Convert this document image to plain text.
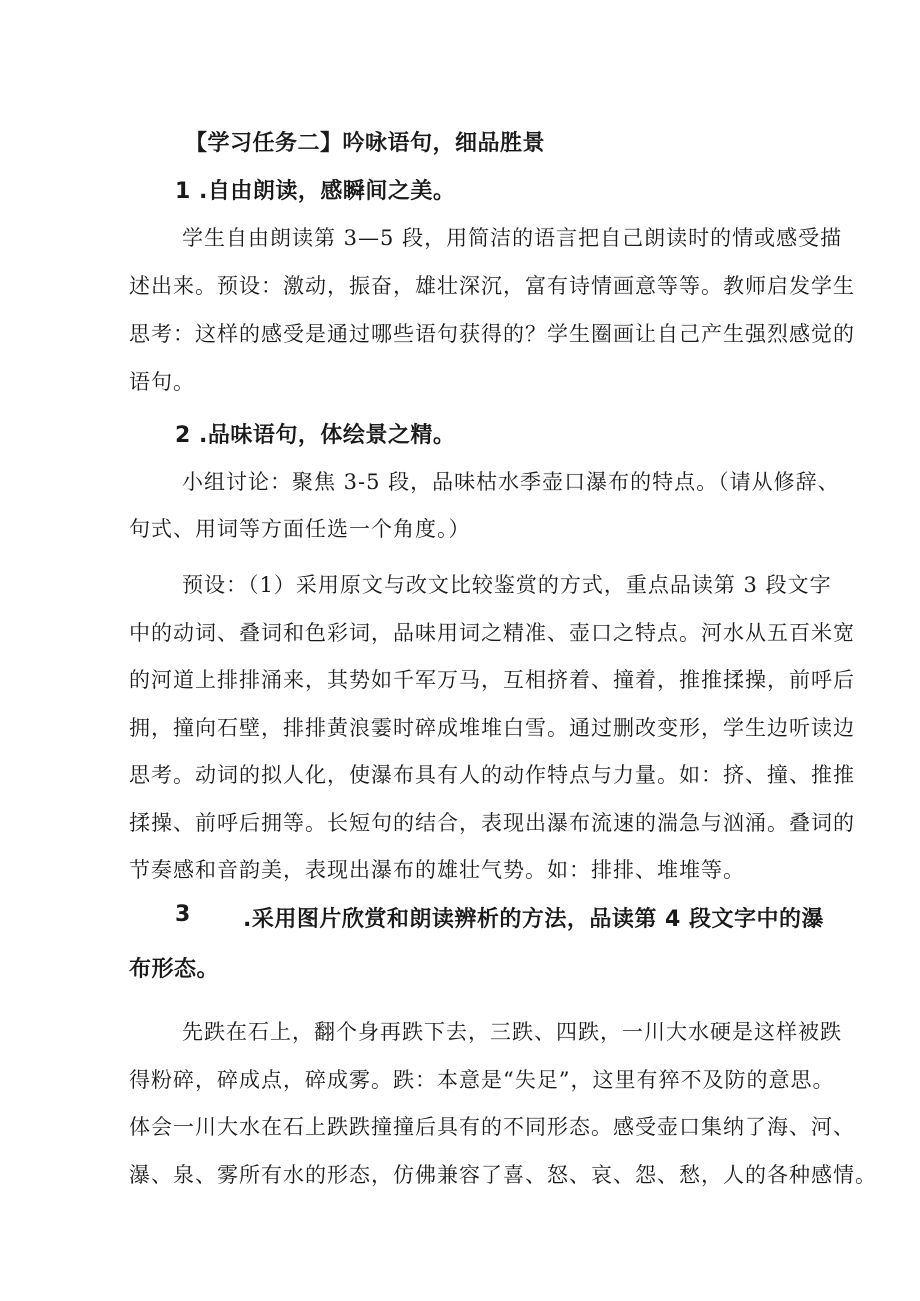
【学习任务二】吟咏语句，细品胜景
1 .自由朗读，感瞬间之美。
学生自由朗读第 3—5 段，用简洁的语言把自己朗读时的情或感受描
述出来。预设：激动，振奋，雄壮深沉，富有诗情画意等等。教师启发学生
思考：这样的感受是通过哪些语句获得的？学生圈画让自己产生强烈感觉的
语句。
2 .品味语句，体绘景之精。
小组讨论：聚焦 3-5 段，品味枯水季壶口瀑布的特点。（请从修辞、
句式、用词等方面任选一个角度。）
预设：（1）采用原文与改文比较鉴赏的方式，重点品读第 3 段文字
中的动词、叠词和色彩词，品味用词之精准、壶口之特点。河水从五百米宽
的河道上排排涌来，其势如千军万马，互相挤着、撞着，推推揉操，前呼后
拥，撞向石壁，排排黄浪霎时碎成堆堆白雪。通过删改变形，学生边听读边
思考。动词的拟人化，使瀑布具有人的动作特点与力量。如：挤、撞、推推
揉操、前呼后拥等。长短句的结合，表现出瀑布流速的湍急与汹涌。叠词的
节奏感和音韵美，表现出瀑布的雄壮气势。如：排排、堆堆等。
3 .采用图片欣赏和朗读辨析的方法，品读第 4 段文字中的瀑
布形态。
先跌在石上，翻个身再跌下去，三跌、四跌，一川大水硬是这样被跌
得粉碎，碎成点，碎成雾。跌：本意是“失足”，这里有猝不及防的意思。
体会一川大水在石上跌跌撞撞后具有的不同形态。感受壶口集纳了海、河、
瀑、泉、雾所有水的形态，仿佛兼容了喜、怒、哀、怨、愁，人的各种感情。
